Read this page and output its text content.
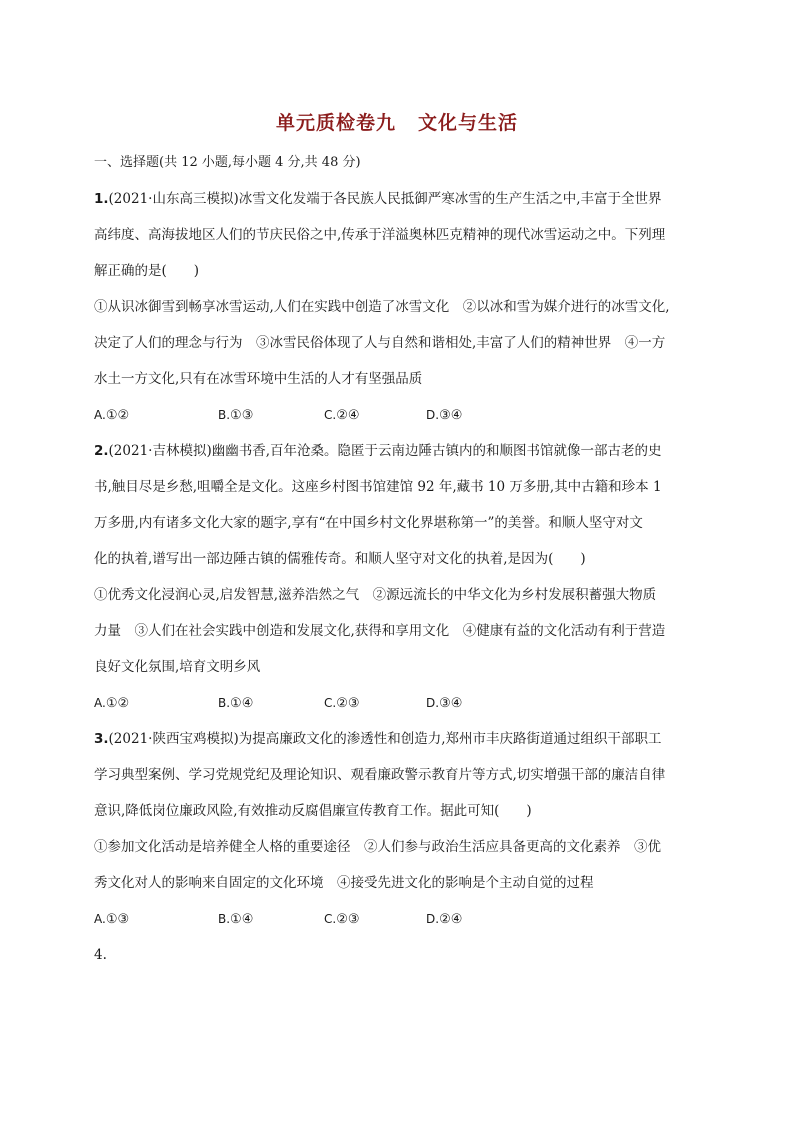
单元质检卷九 文化与生活
一、选择题(共 12 小题,每小题 4 分,共 48 分)
1.(2021·山东高三模拟)冰雪文化发端于各民族人民抵御严寒冰雪的生产生活之中,丰富于全世界
高纬度、高海拔地区人们的节庆民俗之中,传承于洋溢奥林匹克精神的现代冰雪运动之中。下列理
解正确的是(　　)
①从识冰御雪到畅享冰雪运动,人们在实践中创造了冰雪文化　②以冰和雪为媒介进行的冰雪文化,
决定了人们的理念与行为　③冰雪民俗体现了人与自然和谐相处,丰富了人们的精神世界　④一方
水土一方文化,只有在冰雪环境中生活的人才有坚强品质
A.①②	B.①③	C.②④	D.③④
2.(2021·吉林模拟)幽幽书香,百年沧桑。隐匿于云南边陲古镇内的和顺图书馆就像一部古老的史
书,触目尽是乡愁,咀嚼全是文化。这座乡村图书馆建馆 92 年,藏书 10 万多册,其中古籍和珍本 1
万多册,内有诸多文化大家的题字,享有“在中国乡村文化界堪称第一”的美誉。和顺人坚守对文
化的执着,谱写出一部边陲古镇的儒雅传奇。和顺人坚守对文化的执着,是因为(　　)
①优秀文化浸润心灵,启发智慧,滋养浩然之气　②源远流长的中华文化为乡村发展积蓄强大物质
力量　③人们在社会实践中创造和发展文化,获得和享用文化　④健康有益的文化活动有利于营造
良好文化氛围,培育文明乡风
A.①②	B.①④	C.②③	D.③④
3.(2021·陕西宝鸡模拟)为提高廉政文化的渗透性和创造力,郑州市丰庆路街道通过组织干部职工
学习典型案例、学习党规党纪及理论知识、观看廉政警示教育片等方式,切实增强干部的廉洁自律
意识,降低岗位廉政风险,有效推动反腐倡廉宣传教育工作。据此可知(　　)
①参加文化活动是培养健全人格的重要途径　②人们参与政治生活应具备更高的文化素养　③优
秀文化对人的影响来自固定的文化环境　④接受先进文化的影响是个主动自觉的过程
A.①③	B.①④	C.②③	D.②④
4.
